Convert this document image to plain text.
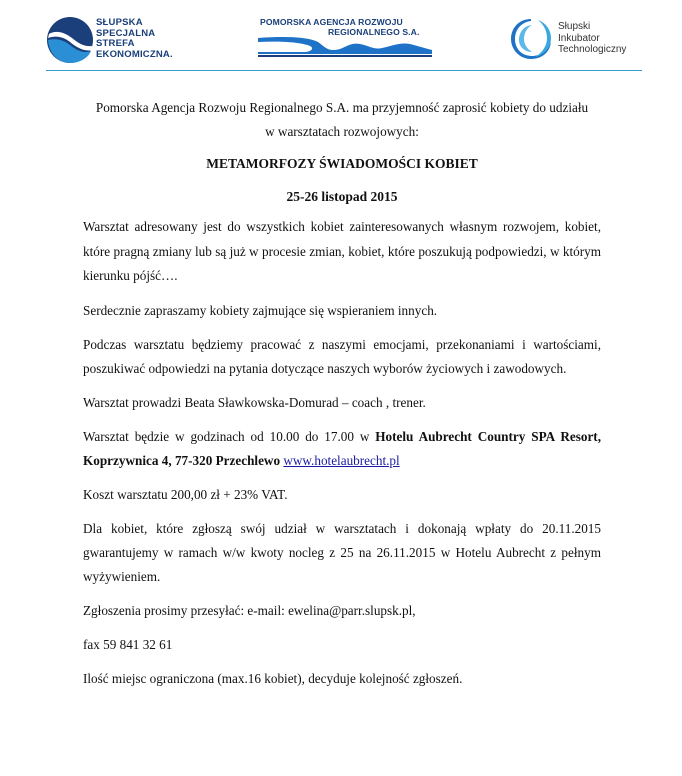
SŁUPSKA
SPECJALNA
STREFA
EKONOMICZNA.
POMORSKA AGENCJA ROZWOJU
REGIONALNEGO S.A.	Słupski
Inkubator
Technologiczny

Pomorska Agencja Rozwoju Regionalnego S.A. ma przyjemność zaprosić kobiety do udziału

w warsztatach rozwojowych:

METAMORFOZY ŚWIADOMOŚCI KOBIET

25-26 listopad 2015

Warsztat adresowany jest do wszystkich kobiet zainteresowanych własnym rozwojem, kobiet, które pragną zmiany lub są już w procesie zmian, kobiet, które poszukują podpowiedzi, w którym kierunku pójść….

Serdecznie zapraszamy kobiety zajmujące się wspieraniem innych.

Podczas warsztatu będziemy pracować z naszymi emocjami, przekonaniami i wartościami, poszukiwać odpowiedzi na pytania dotyczące naszych wyborów życiowych i zawodowych.

Warsztat prowadzi Beata Sławkowska-Domurad – coach , trener.

Warsztat będzie w godzinach od 10.00 do 17.00 w Hotelu Aubrecht Country SPA Resort, Koprzywnica 4, 77-320 Przechlewo www.hotelaubrecht.pl

Koszt warsztatu 200,00 zł + 23% VAT.

Dla kobiet, które zgłoszą swój udział w warsztatach i dokonają wpłaty do 20.11.2015 gwarantujemy w ramach w/w kwoty nocleg z 25 na 26.11.2015 w Hotelu Aubrecht z pełnym wyżywieniem.

Zgłoszenia prosimy przesyłać: e-mail: ewelina@parr.slupsk.pl,

fax 59 841 32 61

Ilość miejsc ograniczona (max.16 kobiet), decyduje kolejność zgłoszeń.
